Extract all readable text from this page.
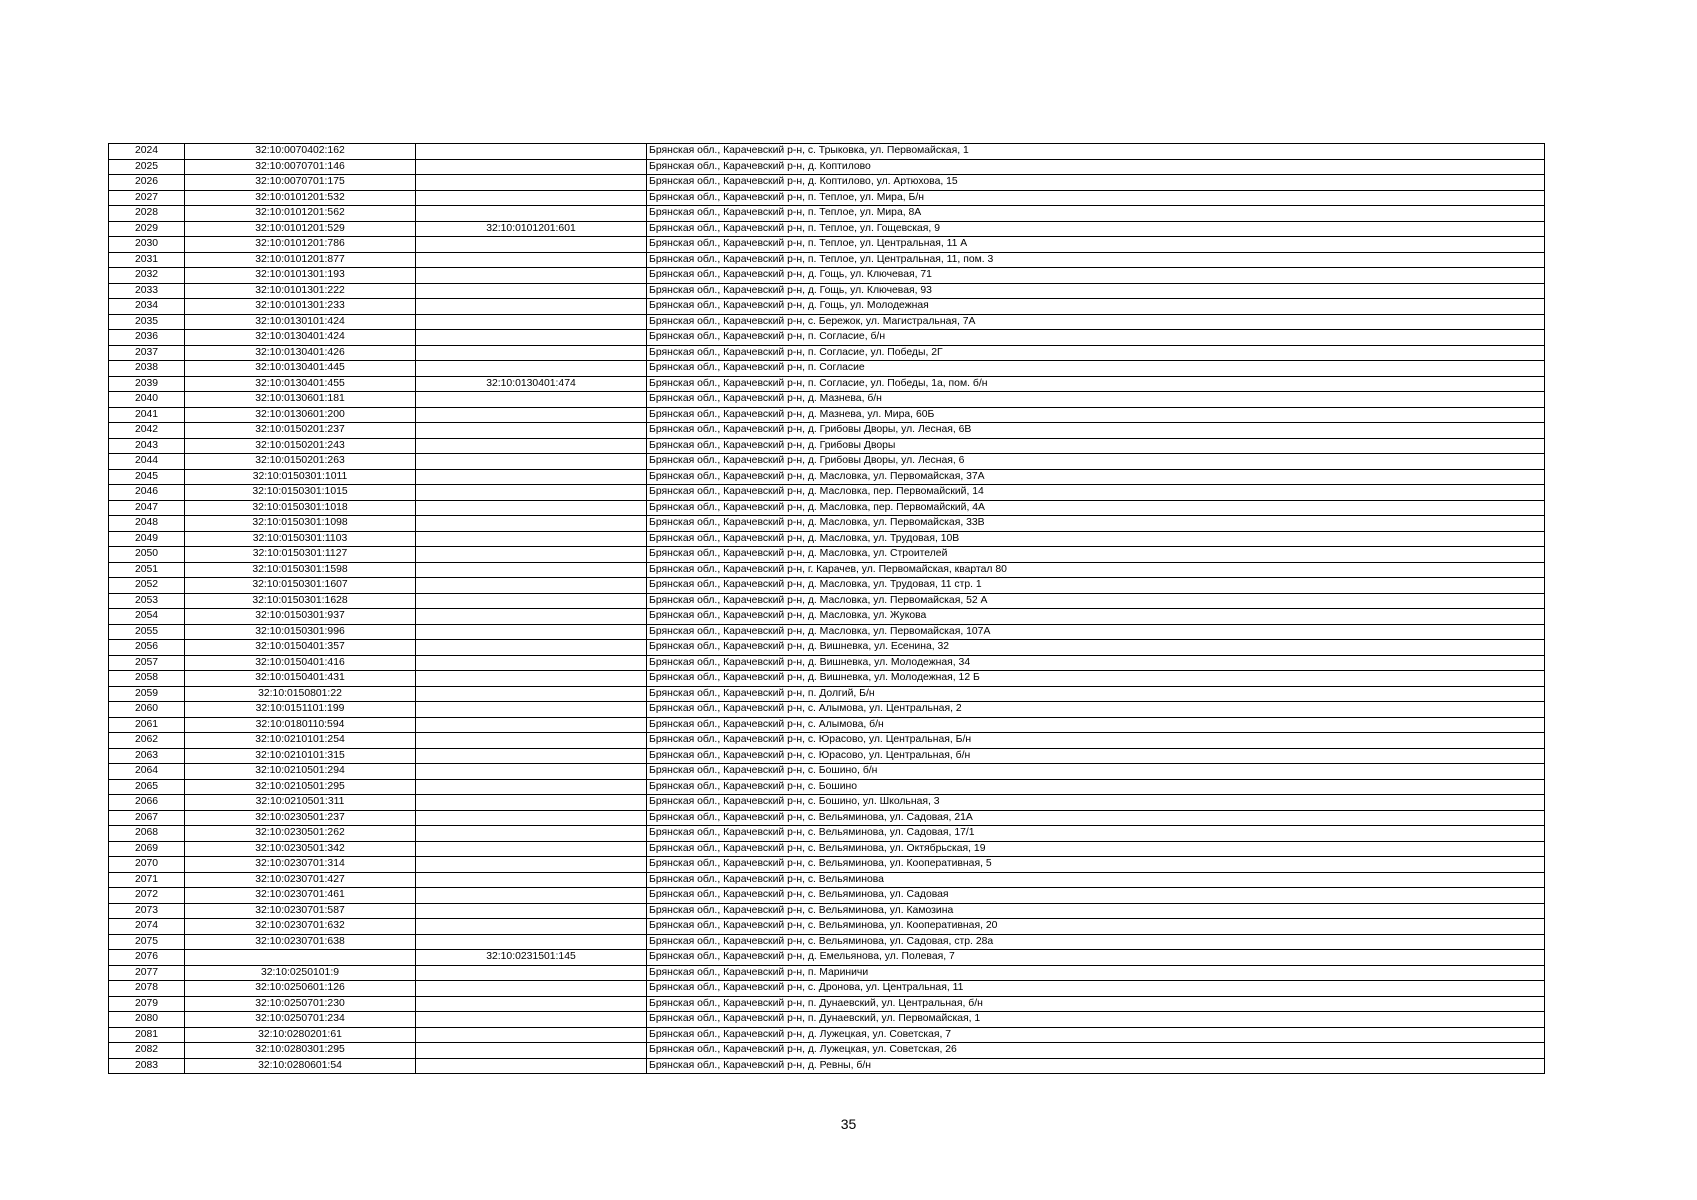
2024	32:10:0070402:162		Брянская обл., Карачевский р-н, с. Трыковка, ул. Первомайская, 1
2025	32:10:0070701:146		Брянская обл., Карачевский р-н, д. Коптилово
2026	32:10:0070701:175		Брянская обл., Карачевский р-н, д. Коптилово, ул. Артюхова, 15
2027	32:10:0101201:532		Брянская обл., Карачевский р-н, п. Теплое, ул. Мира, Б/н
2028	32:10:0101201:562		Брянская обл., Карачевский р-н, п. Теплое, ул. Мира, 8А
2029	32:10:0101201:529	32:10:0101201:601	Брянская обл., Карачевский р-н, п. Теплое, ул. Гощевская, 9
2030	32:10:0101201:786		Брянская обл., Карачевский р-н, п. Теплое, ул. Центральная, 11 А
2031	32:10:0101201:877		Брянская обл., Карачевский р-н, п. Теплое, ул. Центральная, 11, пом. 3
2032	32:10:0101301:193		Брянская обл., Карачевский р-н, д. Гощь, ул. Ключевая, 71
2033	32:10:0101301:222		Брянская обл., Карачевский р-н, д. Гощь, ул. Ключевая, 93
2034	32:10:0101301:233		Брянская обл., Карачевский р-н, д. Гощь, ул. Молодежная
2035	32:10:0130101:424		Брянская обл., Карачевский р-н, с. Бережок, ул. Магистральная, 7А
2036	32:10:0130401:424		Брянская обл., Карачевский р-н, п. Согласие, б/н
2037	32:10:0130401:426		Брянская обл., Карачевский р-н, п. Согласие, ул. Победы, 2Г
2038	32:10:0130401:445		Брянская обл., Карачевский р-н, п. Согласие
2039	32:10:0130401:455	32:10:0130401:474	Брянская обл., Карачевский р-н, п. Согласие, ул. Победы, 1а, пом. б/н
2040	32:10:0130601:181		Брянская обл., Карачевский р-н, д. Мазнева, б/н
2041	32:10:0130601:200		Брянская обл., Карачевский р-н, д. Мазнева, ул. Мира, 60Б
2042	32:10:0150201:237		Брянская обл., Карачевский р-н, д. Грибовы Дворы, ул. Лесная, 6В
2043	32:10:0150201:243		Брянская обл., Карачевский р-н, д. Грибовы Дворы
2044	32:10:0150201:263		Брянская обл., Карачевский р-н, д. Грибовы Дворы, ул. Лесная, 6
2045	32:10:0150301:1011		Брянская обл., Карачевский р-н, д. Масловка, ул. Первомайская, 37А
2046	32:10:0150301:1015		Брянская обл., Карачевский р-н, д. Масловка, пер. Первомайский, 14
2047	32:10:0150301:1018		Брянская обл., Карачевский р-н, д. Масловка, пер. Первомайский, 4А
2048	32:10:0150301:1098		Брянская обл., Карачевский р-н, д. Масловка, ул. Первомайская, 33В
2049	32:10:0150301:1103		Брянская обл., Карачевский р-н, д. Масловка, ул. Трудовая, 10В
2050	32:10:0150301:1127		Брянская обл., Карачевский р-н, д. Масловка, ул. Строителей
2051	32:10:0150301:1598		Брянская обл., Карачевский р-н, г. Карачев, ул. Первомайская, квартал 80
2052	32:10:0150301:1607		Брянская обл., Карачевский р-н, д. Масловка, ул. Трудовая, 11 стр. 1
2053	32:10:0150301:1628		Брянская обл., Карачевский р-н, д. Масловка, ул. Первомайская, 52 А
2054	32:10:0150301:937		Брянская обл., Карачевский р-н, д. Масловка, ул. Жукова
2055	32:10:0150301:996		Брянская обл., Карачевский р-н, д. Масловка, ул. Первомайская, 107А
2056	32:10:0150401:357		Брянская обл., Карачевский р-н, д. Вишневка, ул. Есенина, 32
2057	32:10:0150401:416		Брянская обл., Карачевский р-н, д. Вишневка, ул. Молодежная, 34
2058	32:10:0150401:431		Брянская обл., Карачевский р-н, д. Вишневка, ул. Молодежная, 12 Б
2059	32:10:0150801:22		Брянская обл., Карачевский р-н, п. Долгий, Б/н
2060	32:10:0151101:199		Брянская обл., Карачевский р-н, с. Алымова, ул. Центральная, 2
2061	32:10:0180110:594		Брянская обл., Карачевский р-н, с. Алымова, б/н
2062	32:10:0210101:254		Брянская обл., Карачевский р-н, с. Юрасово, ул. Центральная, Б/н
2063	32:10:0210101:315		Брянская обл., Карачевский р-н, с. Юрасово, ул. Центральная, б/н
2064	32:10:0210501:294		Брянская обл., Карачевский р-н, с. Бошино, б/н
2065	32:10:0210501:295		Брянская обл., Карачевский р-н, с. Бошино
2066	32:10:0210501:311		Брянская обл., Карачевский р-н, с. Бошино, ул. Школьная, 3
2067	32:10:0230501:237		Брянская обл., Карачевский р-н, с. Вельяминова, ул. Садовая, 21А
2068	32:10:0230501:262		Брянская обл., Карачевский р-н, с. Вельяминова, ул. Садовая, 17/1
2069	32:10:0230501:342		Брянская обл., Карачевский р-н, с. Вельяминова, ул. Октябрьская, 19
2070	32:10:0230701:314		Брянская обл., Карачевский р-н, с. Вельяминова, ул. Кооперативная, 5
2071	32:10:0230701:427		Брянская обл., Карачевский р-н, с. Вельяминова
2072	32:10:0230701:461		Брянская обл., Карачевский р-н, с. Вельяминова, ул. Садовая
2073	32:10:0230701:587		Брянская обл., Карачевский р-н, с. Вельяминова, ул. Камозина
2074	32:10:0230701:632		Брянская обл., Карачевский р-н, с. Вельяминова, ул. Кооперативная, 20
2075	32:10:0230701:638		Брянская обл., Карачевский р-н, с. Вельяминова, ул. Садовая, стр. 28а
2076		32:10:0231501:145	Брянская обл., Карачевский р-н, д. Емельянова, ул. Полевая, 7
2077	32:10:0250101:9		Брянская обл., Карачевский р-н, п. Мариничи
2078	32:10:0250601:126		Брянская обл., Карачевский р-н, с. Дронова, ул. Центральная, 11
2079	32:10:0250701:230		Брянская обл., Карачевский р-н, п. Дунаевский, ул. Центральная, б/н
2080	32:10:0250701:234		Брянская обл., Карачевский р-н, п. Дунаевский, ул. Первомайская, 1
2081	32:10:0280201:61		Брянская обл., Карачевский р-н, д. Лужецкая, ул. Советская, 7
2082	32:10:0280301:295		Брянская обл., Карачевский р-н, д. Лужецкая, ул. Советская, 26
2083	32:10:0280601:54		Брянская обл., Карачевский р-н, д. Ревны, б/н
35
